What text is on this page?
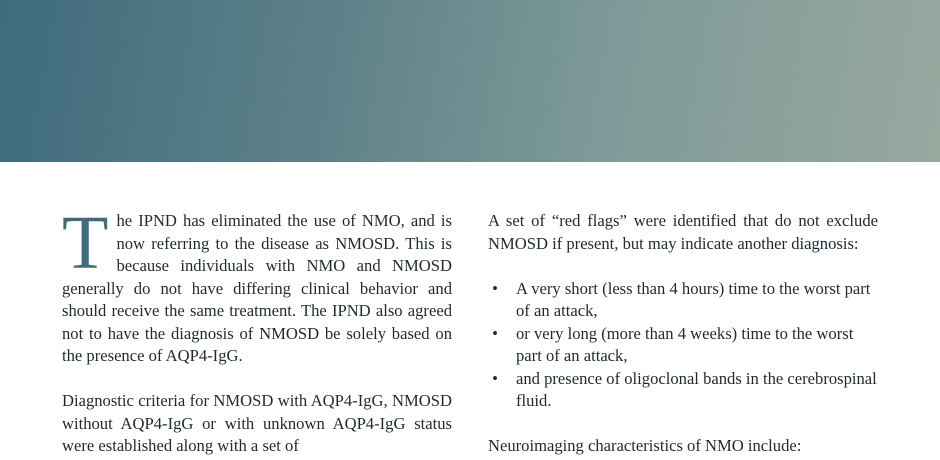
The IPND has eliminated the use of NMO, and is now referring to the disease as NMOSD. This is because individuals with NMO and NMOSD generally do not have differing clinical behavior and should receive the same treatment. The IPND also agreed not to have the diagnosis of NMOSD be solely based on the presence of AQP4-IgG.

Diagnostic criteria for NMOSD with AQP4-IgG, NMOSD without AQP4-IgG or with unknown AQP4-IgG status were established along with a set of

A set of “red flags” were identified that do not exclude NMOSD if present, but may indicate another diagnosis:

• A very short (less than 4 hours) time to the worst part of an attack,
• or very long (more than 4 weeks) time to the worst part of an attack,
• and presence of oligoclonal bands in the cerebrospinal fluid.

Neuroimaging characteristics of NMO include:
